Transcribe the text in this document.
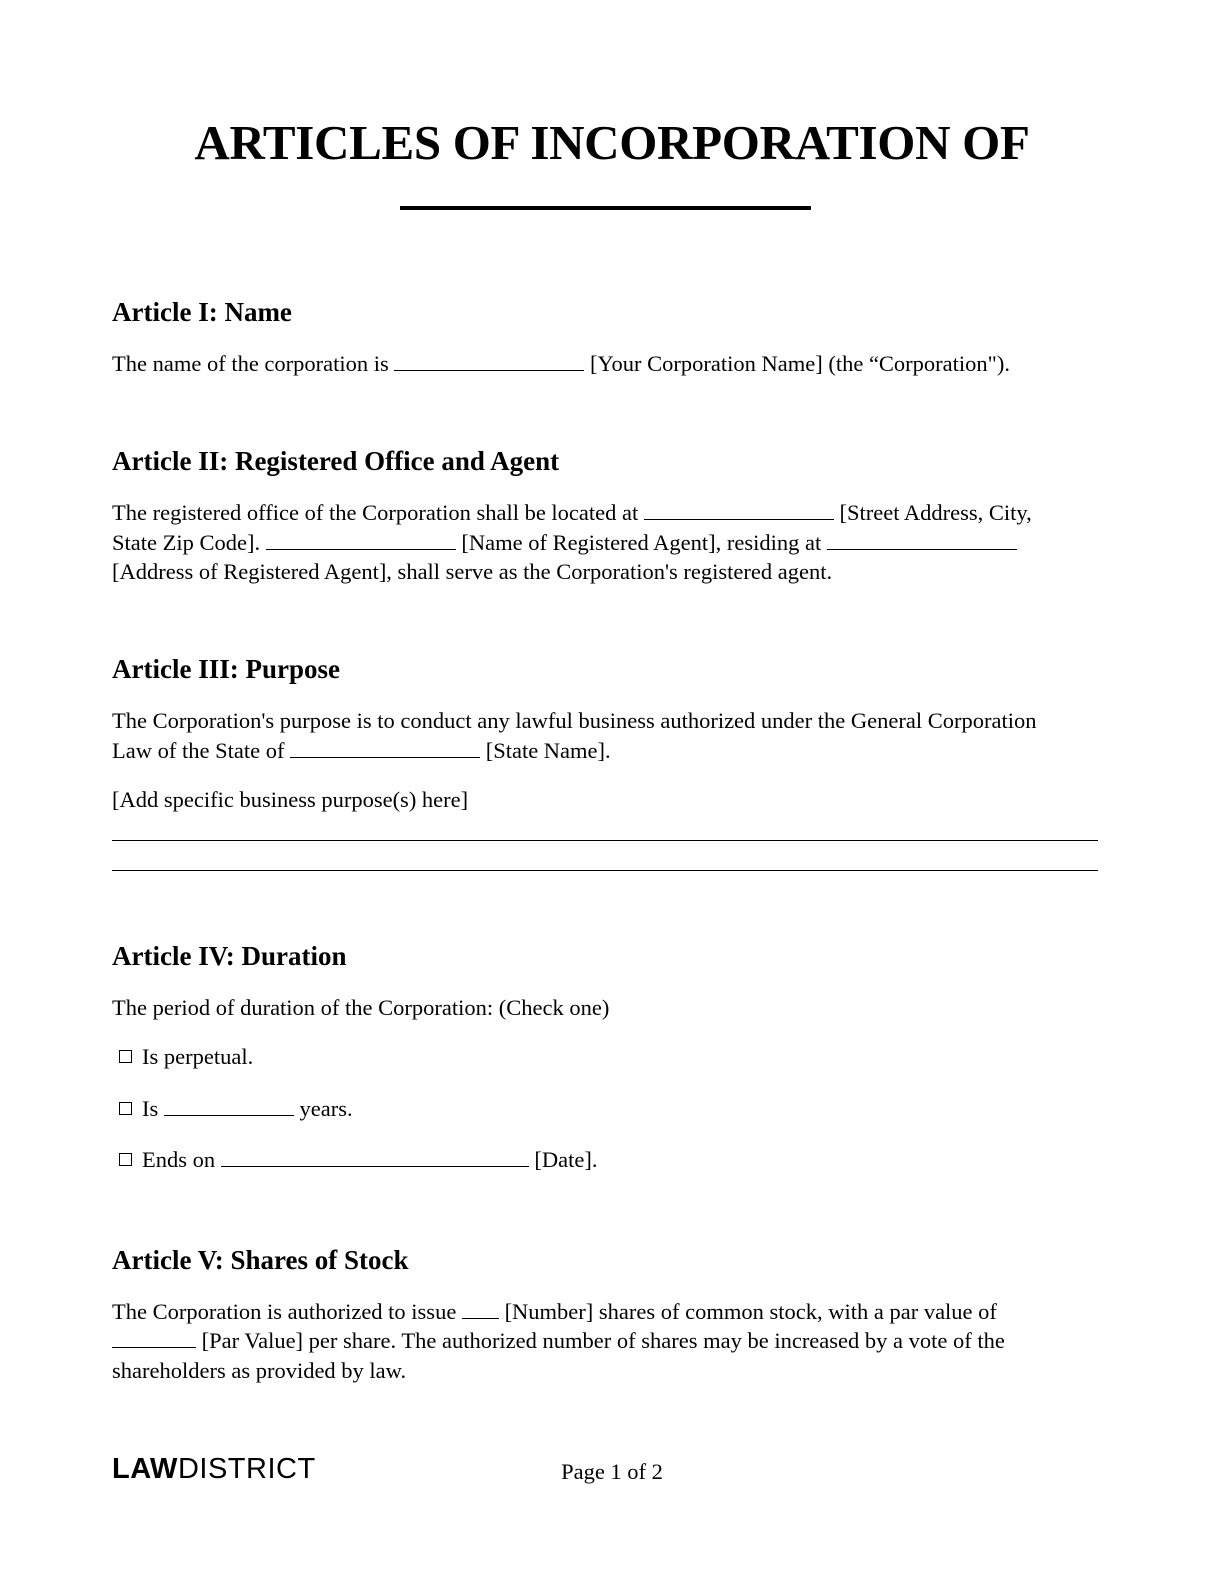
ARTICLES OF INCORPORATION OF
Article I: Name

The name of the corporation is	[Your Corporation Name] (the “Corporation").

Article II: Registered Office and Agent

The registered office of the Corporation shall be located at	[Street Address, City,

State Zip Code].	[Name of Registered Agent], residing at

[Address of Registered Agent], shall serve as the Corporation's registered agent.

Article III: Purpose

The Corporation's purpose is to conduct any lawful business authorized under the General Corporation

Law of the State of	[State Name].

[Add specific business purpose(s) here]

Article IV: Duration

The period of duration of the Corporation: (Check one)

Is perpetual.

Is	years.

Ends on	[Date].

Article V: Shares of Stock

The Corporation is authorized to issue  [Number] shares of common stock, with a par value of

[Par Value] per share. The authorized number of shares may be increased by a vote of the

shareholders as provided by law.

LAWDISTRICT	Page 1 of 2
